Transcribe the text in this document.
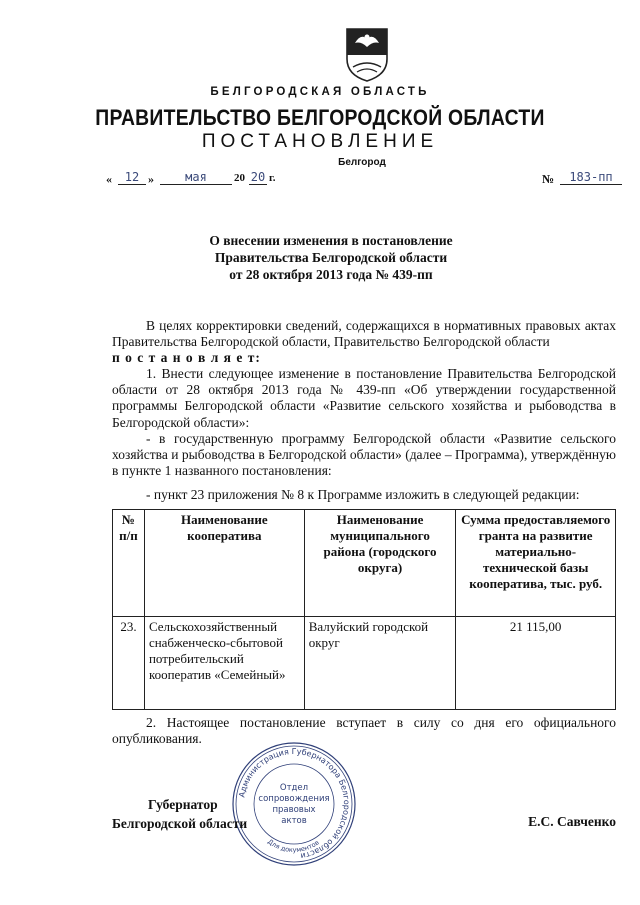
БЕЛГОРОДСКАЯ ОБЛАСТЬ
ПРАВИТЕЛЬСТВО БЕЛГОРОДСКОЙ ОБЛАСТИ
ПОСТАНОВЛЕНИЕ
Белгород
«	12 »	мая	20 20 г.	№	183-пп
О внесении изменения в постановление
Правительства Белгородской области
от 28 октября 2013 года № 439-пп
В целях корректировки сведений, содержащихся в нормативных правовых актах Правительства Белгородской области, Правительство Белгородской области
п о с т а н о в л я е т:
1. Внести следующее изменение в постановление Правительства Белгородской области от 28 октября 2013 года № 439-пп «Об утверждении государственной программы Белгородской области «Развитие сельского хозяйства и рыбоводства в Белгородской области»:
- в государственную программу Белгородской области «Развитие сельского хозяйства и рыбоводства в Белгородской области» (далее – Программа), утверждённую в пункте 1 названного постановления:
- пункт 23 приложения № 8 к Программе изложить в следующей редакции:
№ п/п	Наименование кооператива	Наименование муниципального района (городского округа)	Сумма предоставляемого гранта на развитие материально-технической базы кооператива, тыс. руб.
23.	Сельскохозяйственный снабженческо-сбытовой потребительский кооператив «Семейный»	Валуйский городской округ	21 115,00
2. Настоящее постановление вступает в силу со дня его официального опубликования.
Администрация Губернатора Белгородской области
Для документов
Отдел
сопровождения
правовых
актов
Губернатор
Белгородской области	Е.С. Савченко
